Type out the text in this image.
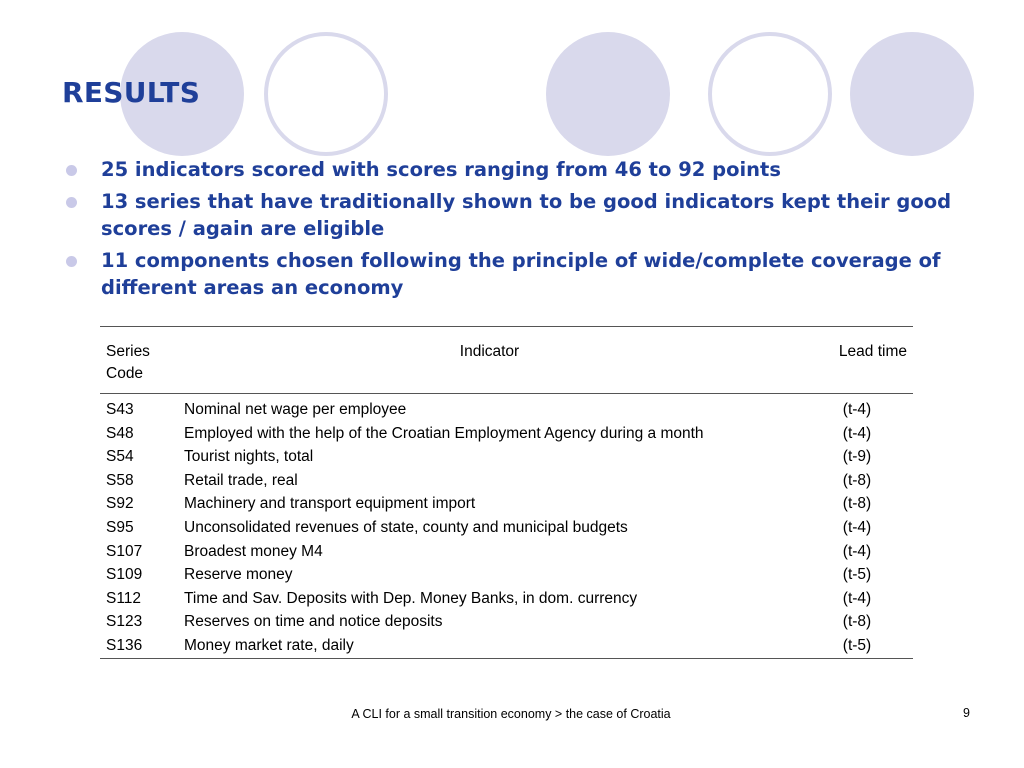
RESULTS
25 indicators scored with scores ranging from 46 to 92 points
13 series that have traditionally shown to be good indicators kept their good scores / again are eligible
11 components chosen following the principle of wide/complete coverage of different areas an economy
Series Code	Indicator	Lead time
S43	Nominal net wage per employee	(t-4)
S48	Employed with the help of the Croatian Employment Agency during a month	(t-4)
S54	Tourist nights, total	(t-9)
S58	Retail trade, real	(t-8)
S92	Machinery and transport equipment import	(t-8)
S95	Unconsolidated revenues of state, county and municipal budgets	(t-4)
S107	Broadest money M4	(t-4)
S109	Reserve money	(t-5)
S112	Time and Sav. Deposits with Dep. Money Banks, in dom. currency	(t-4)
S123	Reserves on time and notice deposits	(t-8)
S136	Money market rate, daily	(t-5)
A CLI for a small transition economy > the case of Croatia	9
